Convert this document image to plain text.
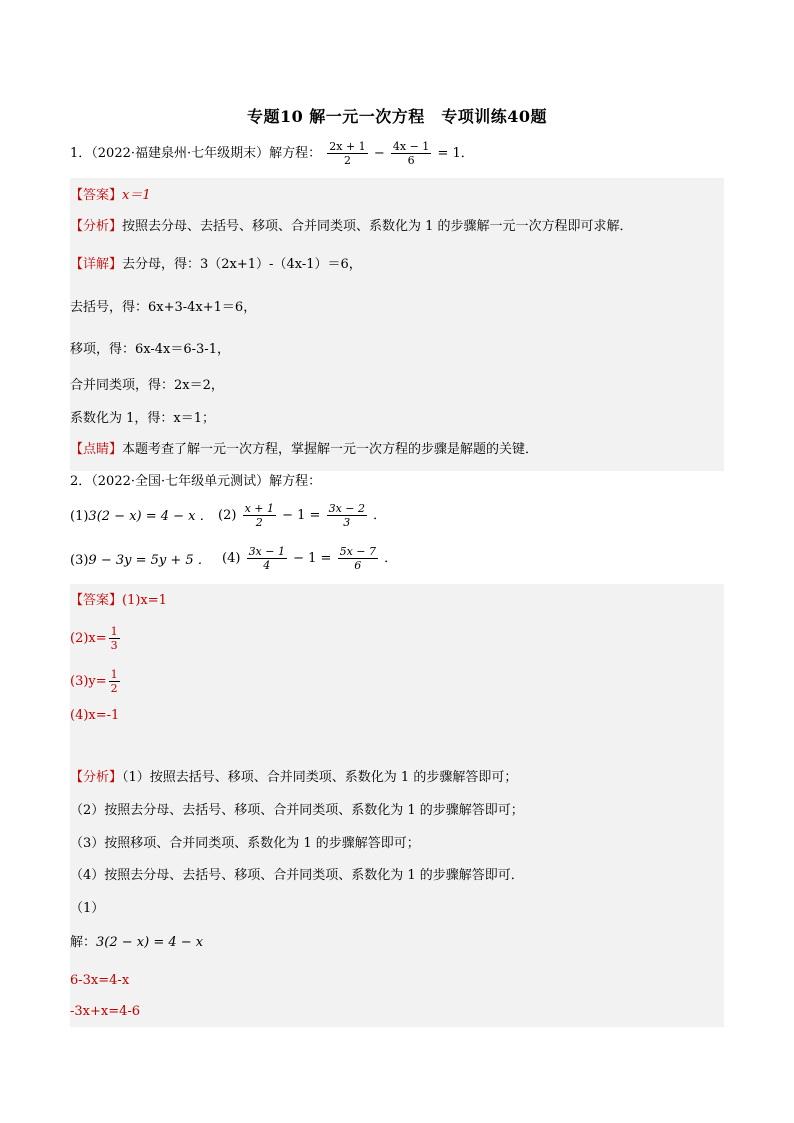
专题10 解一元一次方程　专项训练40题
1．（2022·福建泉州·七年级期末）解方程： $\frac{2x + 1}{2} - \frac{4x - 1}{6} = 1$．
【答案】x＝1
【分析】按照去分母、去括号、移项、合并同类项、系数化为 1 的步骤解一元一次方程即可求解．
【详解】去分母，得：3（2x+1）-（4x-1）＝6，
去括号，得：6x+3-4x+1＝6，
移项，得：6x-4x＝6-3-1，
合并同类项，得：2x＝2，
系数化为 1，得：x＝1；
【点睛】本题考查了解一元一次方程，掌握解一元一次方程的步骤是解题的关键．
2．（2022·全国·七年级单元测试）解方程：
(1)3(2 − x) = 4 − x ． $(2) \frac{x + 1}{2} - 1 = \frac{3x - 2}{3}$ ．
(3)9 − 3y = 5y + 5 ． $(4) \frac{3x - 1}{4} - 1 = \frac{5x - 7}{6}$ ．
【答案】(1)x=1
$(2)x= \frac{1}{3}$
$(3)y= \frac{1}{2}$
(4)x=-1
【分析】（1）按照去括号、移项、合并同类项、系数化为 1 的步骤解答即可；
（2）按照去分母、去括号、移项、合并同类项、系数化为 1 的步骤解答即可；
（3）按照移项、合并同类项、系数化为 1 的步骤解答即可；
（4）按照去分母、去括号、移项、合并同类项、系数化为 1 的步骤解答即可．
（1）
解：3(2 − x) = 4 − x
6-3x=4-x
-3x+x=4-6
